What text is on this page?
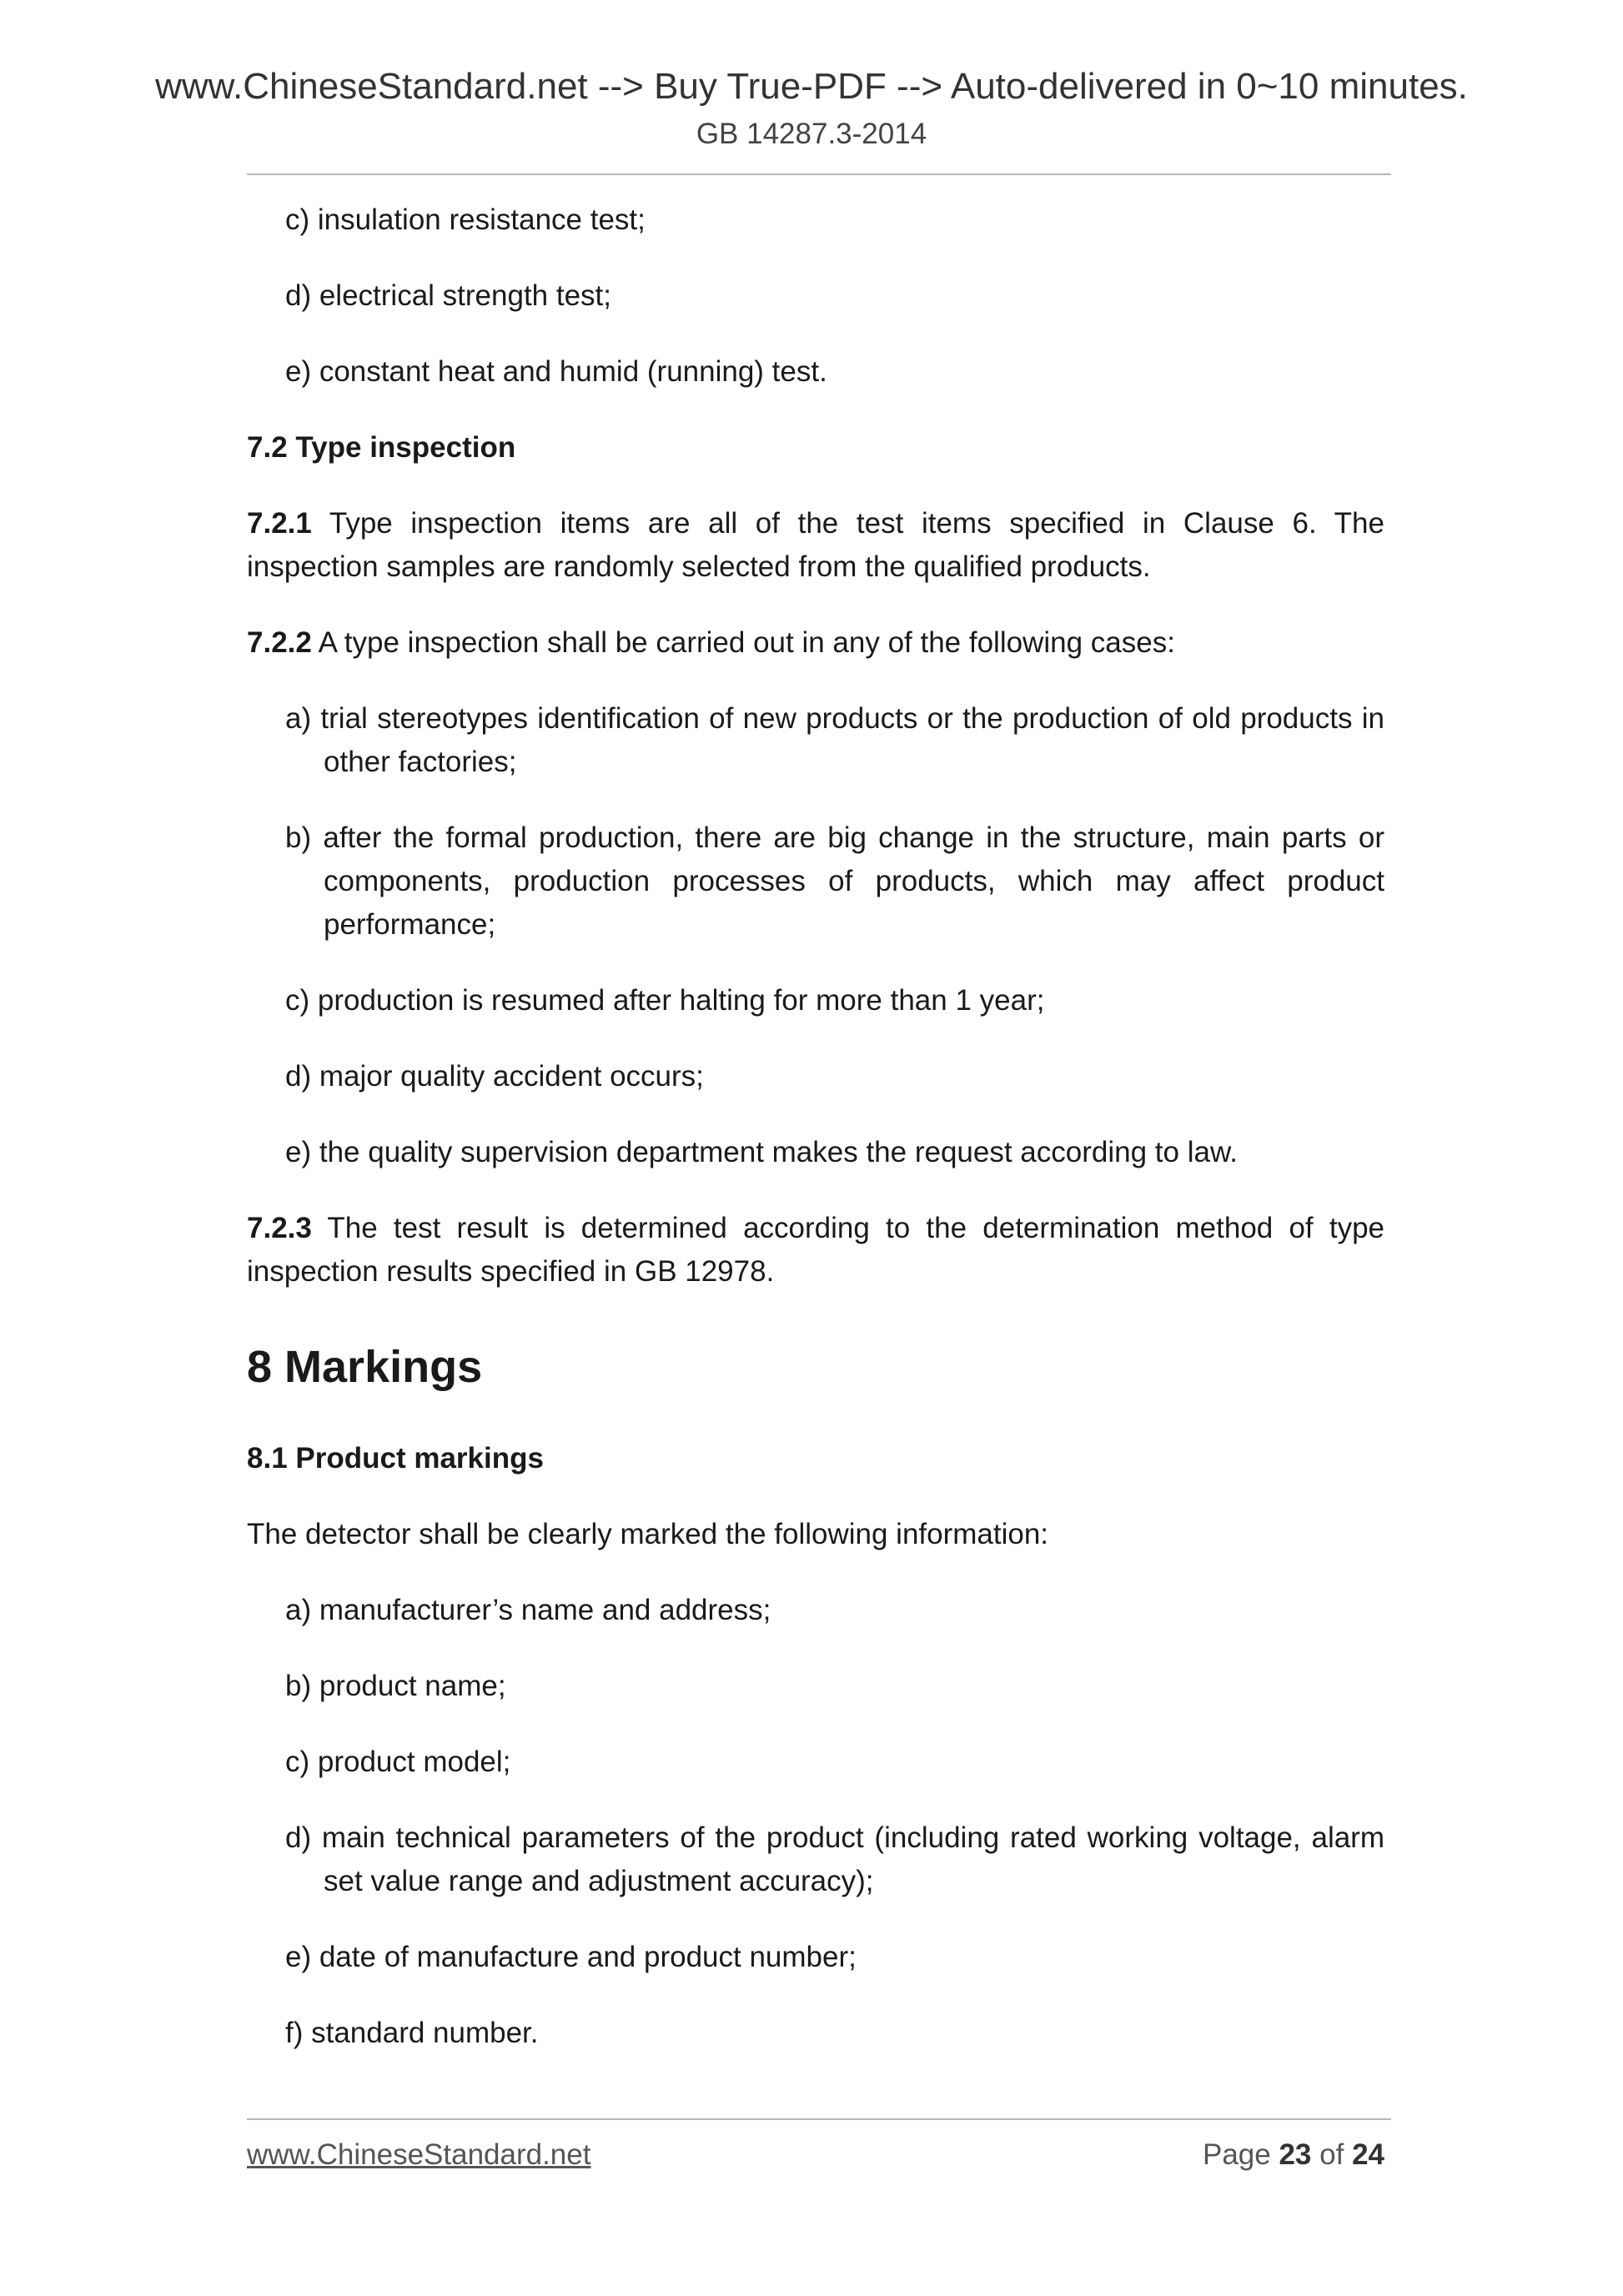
www.ChineseStandard.net --> Buy True-PDF --> Auto-delivered in 0~10 minutes.
GB 14287.3-2014

c) insulation resistance test;

d) electrical strength test;

e) constant heat and humid (running) test.

7.2 Type inspection

7.2.1 Type inspection items are all of the test items specified in Clause 6. The inspection samples are randomly selected from the qualified products.

7.2.2 A type inspection shall be carried out in any of the following cases:

a) trial stereotypes identification of new products or the production of old products in other factories;

b) after the formal production, there are big change in the structure, main parts or components, production processes of products, which may affect product performance;

c) production is resumed after halting for more than 1 year;

d) major quality accident occurs;

e) the quality supervision department makes the request according to law.

7.2.3 The test result is determined according to the determination method of type inspection results specified in GB 12978.

8 Markings

8.1 Product markings

The detector shall be clearly marked the following information:

a) manufacturer’s name and address;

b) product name;

c) product model;

d) main technical parameters of the product (including rated working voltage, alarm set value range and adjustment accuracy);

e) date of manufacture and product number;

f) standard number.

www.ChineseStandard.net	Page 23 of 24
